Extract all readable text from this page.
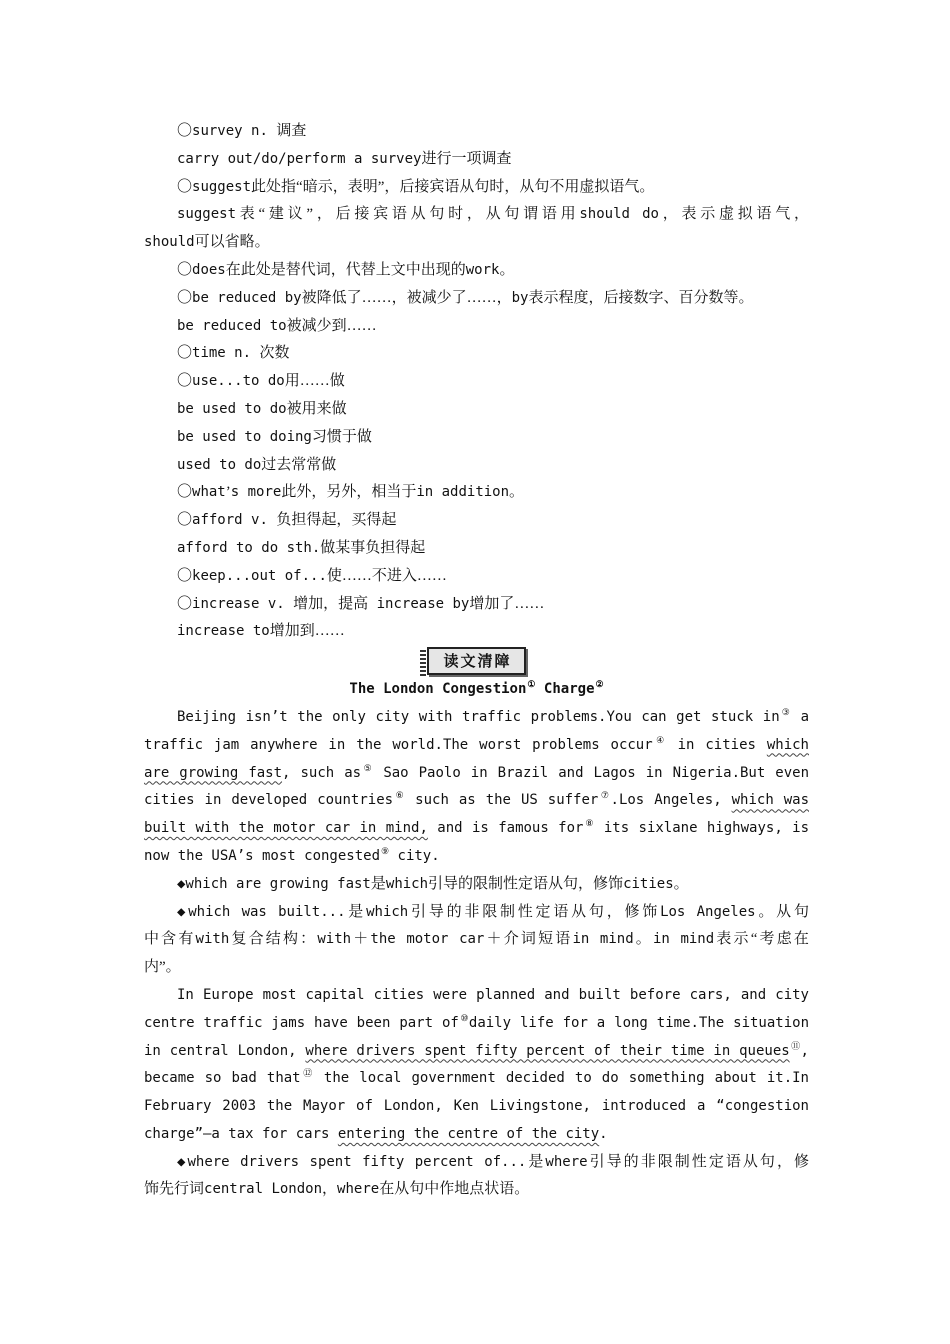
〇survey n. 调查
carry out/do/perform a survey进行一项调查
〇suggest此处指“暗示，表明”，后接宾语从句时，从句不用虚拟语气。
suggest表“建议”，后接宾语从句时，从句谓语用should do，表示虚拟语气，
should可以省略。
〇does在此处是替代词，代替上文中出现的work。
〇be reduced by被降低了……，被减少了……，by表示程度，后接数字、百分数等。
be reduced to被减少到……
〇time n. 次数
〇use...to do用……做
be used to do被用来做
be used to doing习惯于做
used to do过去常常做
〇what’s more此外，另外，相当于in addition。
〇afford v. 负担得起，买得起
afford to do sth.做某事负担得起
〇keep...out of...使……不进入……
〇increase v. 增加，提高 increase by增加了……
increase to增加到……
读文清障
The London Congestion① Charge②
Beijing isn’t the only city with traffic problems.You can get stuck in③ a
traffic jam anywhere in the world.The worst problems occur④ in cities which
are growing fast, such as⑤ Sao Paolo in Brazil and Lagos in Nigeria.But even
cities in developed countries⑥ such as the US suffer⑦.Los Angeles, which was
built with the motor car in mind, and is famous for⑧ its sixlane highways, is
now the USA’s most congested⑨ city.
◆which are growing fast是which引导的限制性定语从句，修饰cities。
◆which was built...是which引导的非限制性定语从句，修饰Los Angeles。从句
中含有with复合结构：with＋the motor car＋介词短语in mind。in mind表示“考虑在
内”。
In Europe most capital cities were planned and built before cars, and city
centre traffic jams have been part of⑩daily life for a long time.The situation
in central London, where drivers spent fifty percent of their time in queues⑪,
became so bad that⑫ the local government decided to do something about it.In
February 2003 the Mayor of London, Ken Livingstone, introduced a “congestion
charge”—a tax for cars entering the centre of the city.
◆where drivers spent fifty percent of...是where引导的非限制性定语从句，修
饰先行词central London，where在从句中作地点状语。
